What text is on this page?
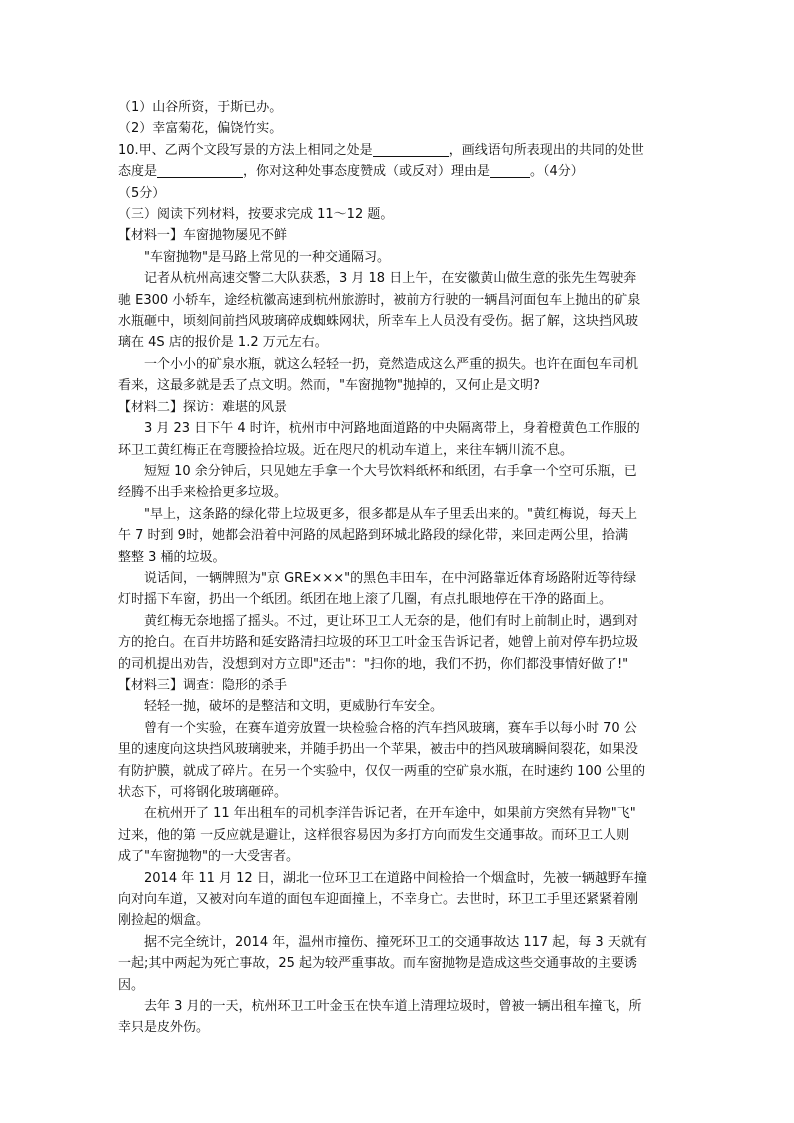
（1）山谷所资，于斯已办。
（2）幸富菊花，偏饶竹实。
10.甲、乙两个文段写景的方法上相同之处是	，画线语句所表现出的共同的处世
态度是	，你对这种处事态度赞成（或反对）理由是	。（4分）
（5分）
（三）阅读下列材料，按要求完成 11～12 题。
【材料一】车窗抛物屡见不鲜
"车窗抛物"是马路上常见的一种交通隔习。
记者从杭州高速交警二大队获悉，3 月 18 日上午，在安徽黄山做生意的张先生驾驶奔
驰 E300 小轿车，途经杭徽高速到杭州旅游时，被前方行驶的一辆昌河面包车上抛出的矿泉
水瓶砸中，顷刻间前挡风玻璃碎成蜘蛛网状，所幸车上人员没有受伤。据了解，这块挡风玻
璃在 4S 店的报价是 1.2 万元左右。
一个小小的矿泉水瓶，就这么轻轻一扔，竟然造成这么严重的损失。也许在面包车司机
看来，这最多就是丢了点文明。然而，"车窗抛物"抛掉的，又何止是文明?
【材料二】探访：难堪的风景
3 月 23 日下午 4 时许，杭州市中河路地面道路的中央隔离带上，身着橙黄色工作服的
环卫工黄红梅正在弯腰捡拾垃圾。近在咫尺的机动车道上，来往车辆川流不息。
短短 10 余分钟后，只见她左手拿一个大号饮料纸杯和纸团，右手拿一个空可乐瓶，已
经腾不出手来检拾更多垃圾。
"早上，这条路的绿化带上垃圾更多，很多都是从车子里丢出来的。"黄红梅说，每天上
午 7 时到 9时，她都会沿着中河路的凤起路到环城北路段的绿化带，来回走两公里，拾满
整整 3 桶的垃圾。
说话间，一辆牌照为"京 GRE×××"的黑色丰田车，在中河路靠近体育场路附近等待绿
灯时摇下车窗，扔出一个纸团。纸团在地上滚了几圈，有点扎眼地停在干净的路面上。
黄红梅无奈地摇了摇头。不过，更让环卫工人无奈的是，他们有时上前制止时，遇到对
方的抢白。在百井坊路和延安路清扫垃圾的环卫工叶金玉告诉记者，她曾上前对停车扔垃圾
的司机提出劝告，没想到对方立即"还击"："扫你的地，我们不扔，你们都没事情好做了!"
【材料三】调查：隐形的杀手
轻轻一抛，破坏的是整洁和文明，更威胁行车安全。
曾有一个实验，在赛车道旁放置一块检验合格的汽车挡风玻璃，赛车手以每小时 70 公
里的速度向这块挡风玻璃驶来，并随手扔出一个苹果，被击中的挡风玻璃瞬间裂花，如果没
有防护膜，就成了碎片。在另一个实验中，仅仅一两重的空矿泉水瓶，在时速约 100 公里的
状态下，可将钢化玻璃砸碎。
在杭州开了 11 年出租车的司机李洋告诉记者，在开车途中，如果前方突然有异物"飞"
过来，他的第 一反应就是避让，这样很容易因为多打方向而发生交通事故。而环卫工人则
成了"车窗抛物"的一大受害者。
2014 年 11 月 12 日，湖北一位环卫工在道路中间检拾一个烟盒时，先被一辆越野车撞
向对向车道，又被对向车道的面包车迎面撞上，不幸身亡。去世时，环卫工手里还紧紧着刚
刚捡起的烟盒。
据不完全统计，2014 年，温州市撞伤、撞死环卫工的交通事故达 117 起，每 3 天就有
一起;其中两起为死亡事故，25 起为较严重事故。而车窗抛物是造成这些交通事故的主要诱
因。
去年 3 月的一天，杭州环卫工叶金玉在快车道上清理垃圾时，曾被一辆出租车撞飞，所
幸只是皮外伤。
